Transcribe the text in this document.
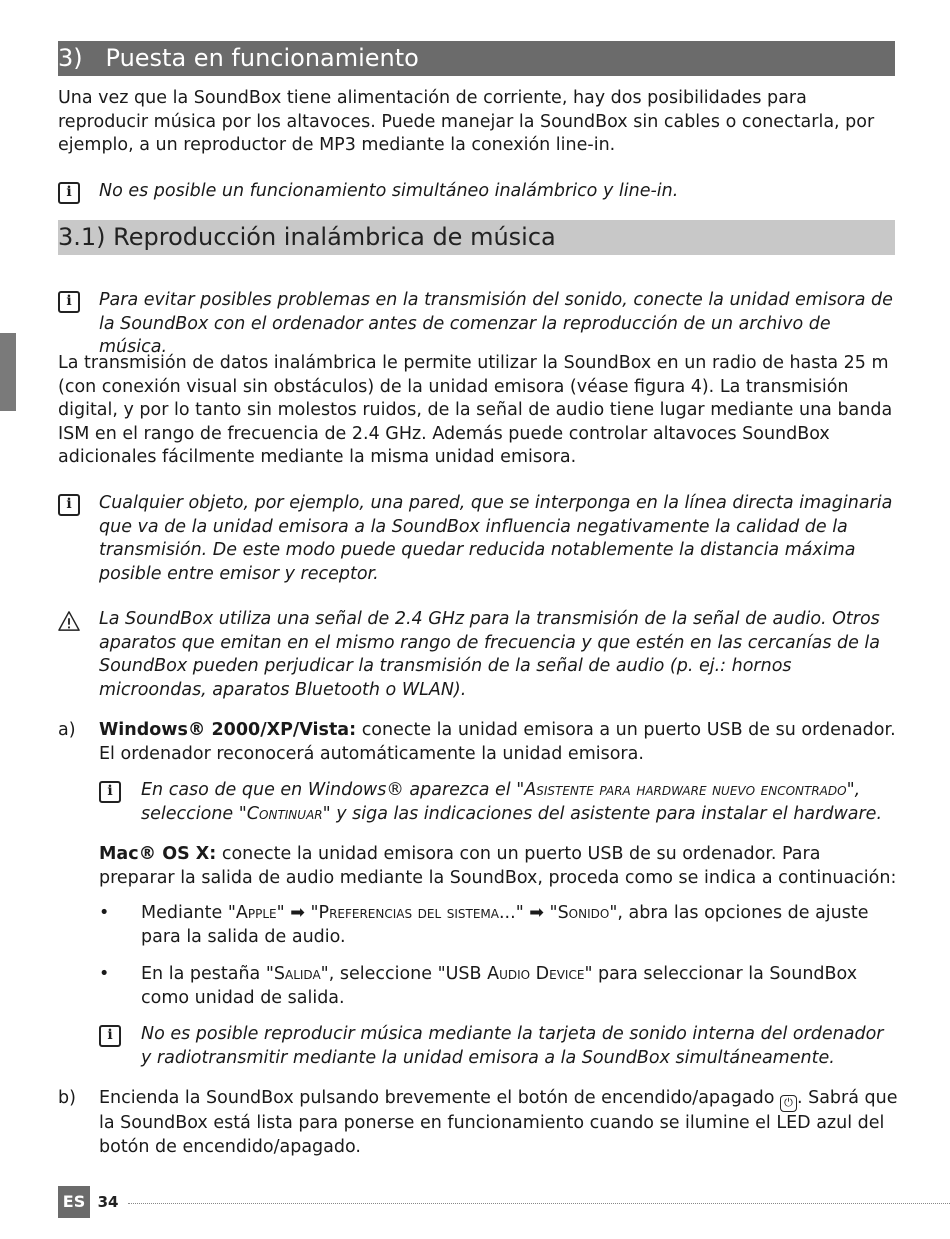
3)   Puesta en funcionamiento

Una vez que la SoundBox tiene alimentación de corriente, hay dos posibilidades para reproducir música por los altavoces. Puede manejar la SoundBox sin cables o conectarla, por ejemplo, a un reproductor de MP3 mediante la conexión line-in.

i	No es posible un funcionamiento simultáneo inalámbrico y line-in.
3.1) Reproducción inalámbrica de música
i	Para evitar posibles problemas en la transmisión del sonido, conecte la unidad emisora de la SoundBox con el ordenador antes de comenzar la reproducción de un archivo de música.

La transmisión de datos inalámbrica le permite utilizar la SoundBox en un radio de hasta 25 m (con conexión visual sin obstáculos) de la unidad emisora (véase figura 4). La transmisión digital, y por lo tanto sin molestos ruidos, de la señal de audio tiene lugar mediante una banda ISM en el rango de frecuencia de 2.4 GHz. Además puede controlar altavoces SoundBox adicionales fácilmente mediante la misma unidad emisora.

i	Cualquier objeto, por ejemplo, una pared, que se interponga en la línea directa imaginaria que va de la unidad emisora a la SoundBox influencia negativamente la calidad de la transmisión. De este modo puede quedar reducida notablemente la distancia máxima posible entre emisor y receptor.
La SoundBox utiliza una señal de 2.4 GHz para la transmisión de la señal de audio. Otros aparatos que emitan en el mismo rango de frecuencia y que estén en las cercanías de la SoundBox pueden perjudicar la transmisión de la señal de audio (p. ej.: hornos microondas, aparatos Bluetooth o WLAN).
a) Windows® 2000/XP/Vista: conecte la unidad emisora a un puerto USB de su ordenador. El ordenador reconocerá automáticamente la unidad emisora.
i	En caso de que en Windows® aparezca el "Asistente para hardware nuevo encontrado", seleccione "Continuar" y siga las indicaciones del asistente para instalar el hardware.
Mac® OS X: conecte la unidad emisora con un puerto USB de su ordenador. Para preparar la salida de audio mediante la SoundBox, proceda como se indica a continuación:
• Mediante "Apple" ➡ "Preferencias del sistema..." ➡ "Sonido", abra las opciones de ajuste para la salida de audio.
• En la pestaña "Salida", seleccione "USB Audio Device" para seleccionar la SoundBox como unidad de salida.
i	No es posible reproducir música mediante la tarjeta de sonido interna del ordenador y radiotransmitir mediante la unidad emisora a la SoundBox simultáneamente.
b) Encienda la SoundBox pulsando brevemente el botón de encendido/apagado ⏻ . Sabrá que la SoundBox está lista para ponerse en funcionamiento cuando se ilumine el LED azul del botón de encendido/apagado.
ES 34
